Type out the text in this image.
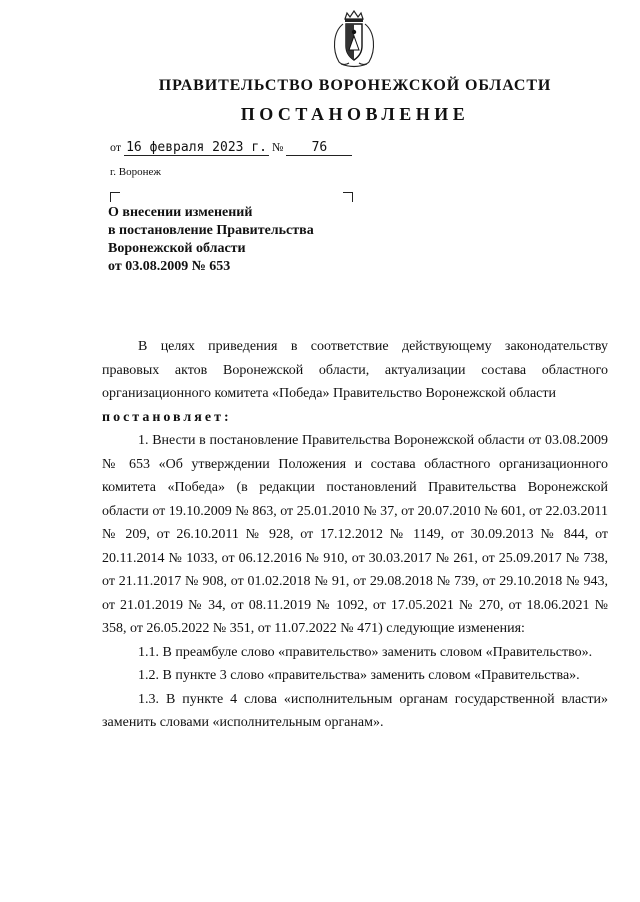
ПРАВИТЕЛЬСТВО ВОРОНЕЖСКОЙ ОБЛАСТИ
ПОСТАНОВЛЕНИЕ
от 16 февраля 2023 г. № 76
г. Воронеж
О внесении изменений
в постановление Правительства
Воронежской области
от 03.08.2009 № 653

В целях приведения в соответствие действующему законодательству правовых актов Воронежской области, актуализации состава областного организационного комитета «Победа» Правительство Воронежской области

постановляет:

1. Внести в постановление Правительства Воронежской области от 03.08.2009 № 653 «Об утверждении Положения и состава областного организационного комитета «Победа» (в редакции постановлений Правительства Воронежской области от 19.10.2009 № 863, от 25.01.2010 № 37, от 20.07.2010 № 601, от 22.03.2011 № 209, от 26.10.2011 № 928, от 17.12.2012 № 1149, от 30.09.2013 № 844, от 20.11.2014 № 1033, от 06.12.2016 № 910, от 30.03.2017 № 261, от 25.09.2017 № 738, от 21.11.2017 № 908, от 01.02.2018 № 91, от 29.08.2018 № 739, от 29.10.2018 № 943, от 21.01.2019 № 34, от 08.11.2019 № 1092, от 17.05.2021 № 270, от 18.06.2021 № 358, от 26.05.2022 № 351, от 11.07.2022 № 471) следующие изменения:

1.1. В преамбуле слово «правительство» заменить словом «Правительство».

1.2. В пункте 3 слово «правительства» заменить словом «Правительства».

1.3. В пункте 4 слова «исполнительным органам государственной власти» заменить словами «исполнительным органам».
